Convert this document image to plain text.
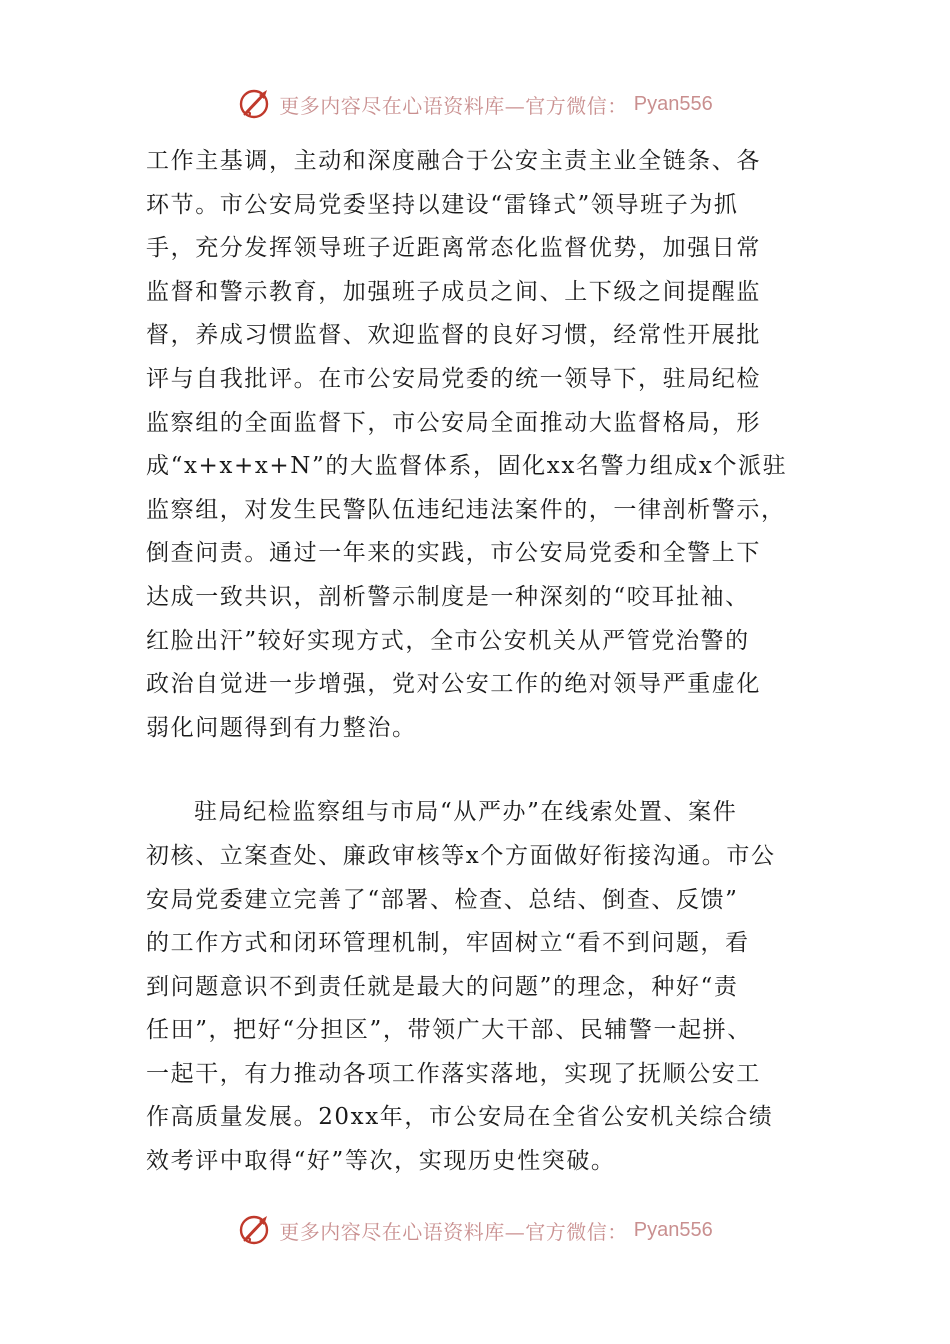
更多内容尽在心语资料库—官方微信： Pyan556

工作主基调，主动和深度融合于公安主责主业全链条、各
环节。市公安局党委坚持以建设“雷锋式”领导班子为抓
手，充分发挥领导班子近距离常态化监督优势，加强日常
监督和警示教育，加强班子成员之间、上下级之间提醒监
督，养成习惯监督、欢迎监督的良好习惯，经常性开展批
评与自我批评。在市公安局党委的统一领导下，驻局纪检
监察组的全面监督下，市公安局全面推动大监督格局，形
成“x+x+x+N”的大监督体系，固化xx名警力组成x个派驻
监察组，对发生民警队伍违纪违法案件的，一律剖析警示，
倒查问责。通过一年来的实践，市公安局党委和全警上下
达成一致共识，剖析警示制度是一种深刻的“咬耳扯袖、
红脸出汗”较好实现方式，全市公安机关从严管党治警的
政治自觉进一步增强，党对公安工作的绝对领导严重虚化
弱化问题得到有力整治。

驻局纪检监察组与市局“从严办”在线索处置、案件
初核、立案查处、廉政审核等x个方面做好衔接沟通。市公
安局党委建立完善了“部署、检查、总结、倒查、反馈”
的工作方式和闭环管理机制，牢固树立“看不到问题，看
到问题意识不到责任就是最大的问题”的理念，种好“责
任田”，把好“分担区”，带领广大干部、民辅警一起拼、
一起干，有力推动各项工作落实落地，实现了抚顺公安工
作高质量发展。20xx年，市公安局在全省公安机关综合绩
效考评中取得“好”等次，实现历史性突破。

更多内容尽在心语资料库—官方微信： Pyan556
